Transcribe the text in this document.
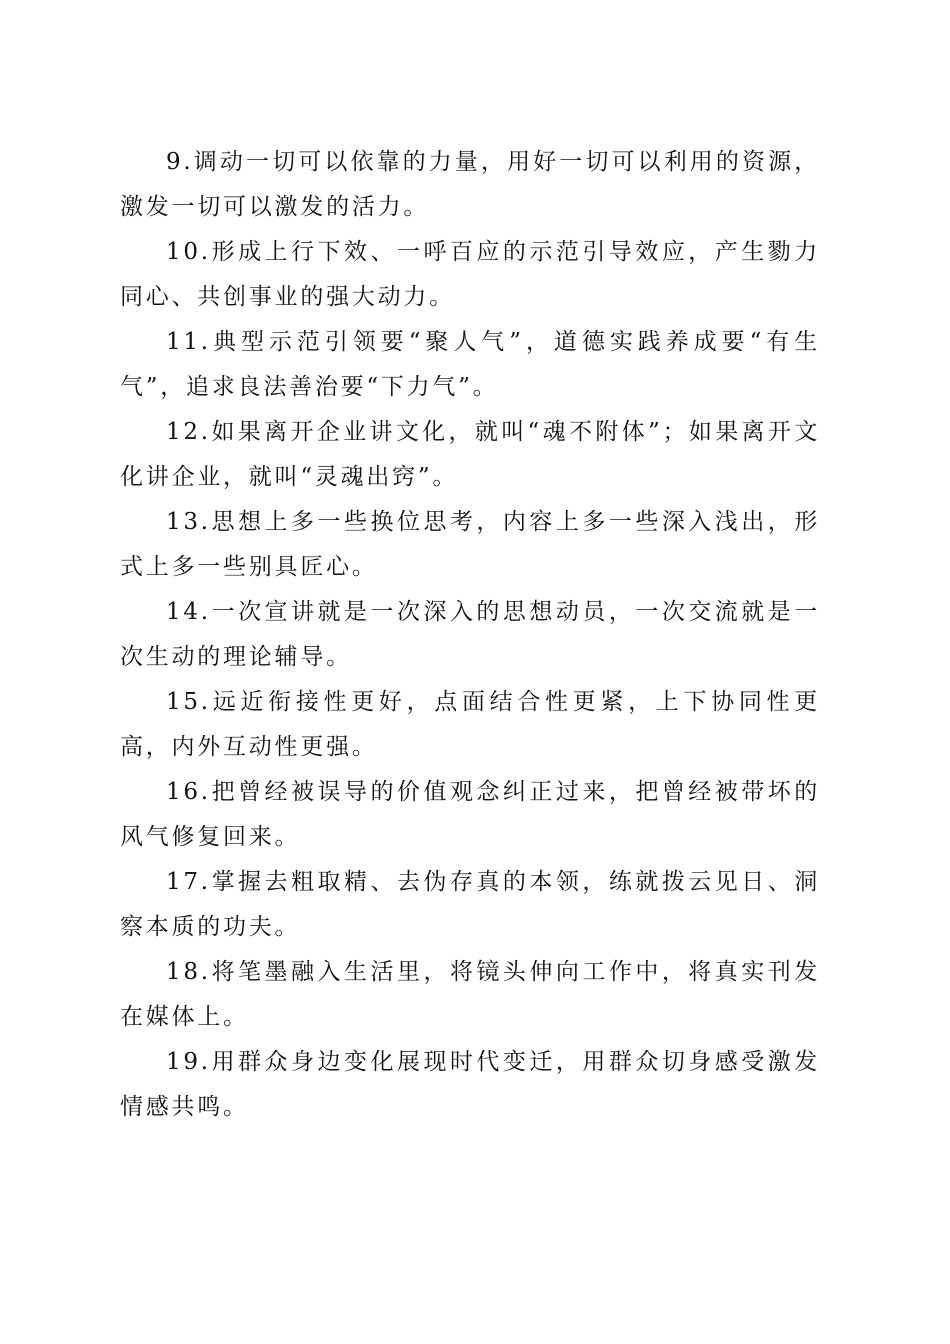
9.调动一切可以依靠的力量，用好一切可以利用的资源，激发一切可以激发的活力。

10.形成上行下效、一呼百应的示范引导效应，产生勠力同心、共创事业的强大动力。

11.典型示范引领要“聚人气”，道德实践养成要“有生气”，追求良法善治要“下力气”。

12.如果离开企业讲文化，就叫“魂不附体”；如果离开文化讲企业，就叫“灵魂出窍”。

13.思想上多一些换位思考，内容上多一些深入浅出，形式上多一些别具匠心。

14.一次宣讲就是一次深入的思想动员，一次交流就是一次生动的理论辅导。

15.远近衔接性更好，点面结合性更紧，上下协同性更高，内外互动性更强。

16.把曾经被误导的价值观念纠正过来，把曾经被带坏的风气修复回来。

17.掌握去粗取精、去伪存真的本领，练就拨云见日、洞察本质的功夫。

18.将笔墨融入生活里，将镜头伸向工作中，将真实刊发在媒体上。

19.用群众身边变化展现时代变迁，用群众切身感受激发情感共鸣。
